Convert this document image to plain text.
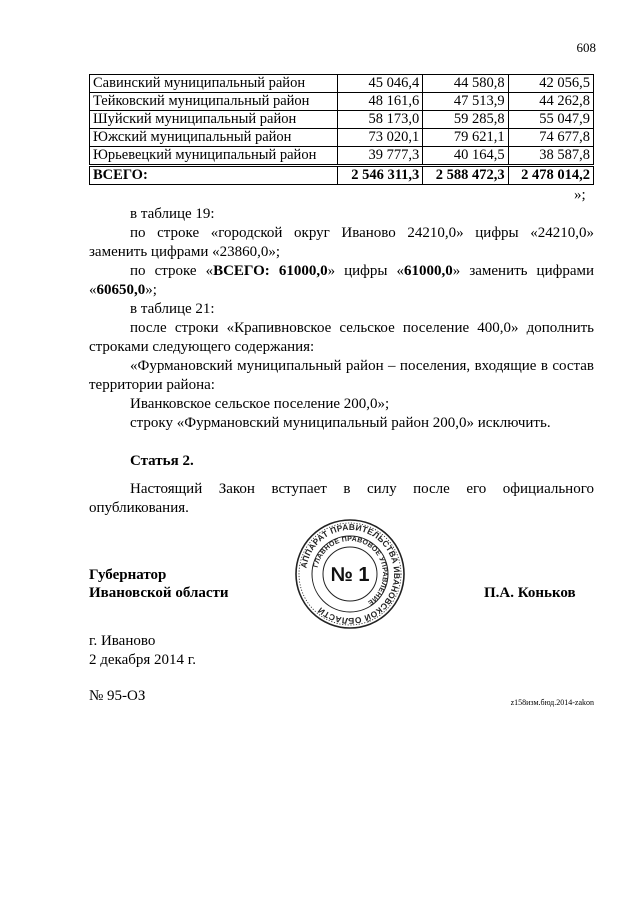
608
Савинский муниципальный район	45 046,4	44 580,8	42 056,5
Тейковский муниципальный район	48 161,6	47 513,9	44 262,8
Шуйский муниципальный район	58 173,0	59 285,8	55 047,9
Южский муниципальный район	73 020,1	79 621,1	74 677,8
Юрьевецкий муниципальный район	39 777,3	40 164,5	38 587,8
ВСЕГО:	2 546 311,3	2 588 472,3	2 478 014,2
»;
в таблице 19:
по строке «городской округ Иваново 24210,0» цифры «24210,0»
заменить цифрами «23860,0»;
по строке «ВСЕГО: 61000,0» цифры «61000,0» заменить цифрами
«60650,0»;
в таблице 21:
после строки «Крапивновское сельское поселение 400,0» дополнить
строками следующего содержания:
«Фурмановский муниципальный район – поселения, входящие в состав
территории района:
Иванковское сельское поселение 200,0»;
строку «Фурмановский муниципальный район 200,0» исключить.
Статья 2.
Настоящий Закон вступает в силу после его официального
опубликования.
Губернатор
Ивановской области	П.А. Коньков
АППАРАТ ПРАВИТЕЛЬСТВА ИВАНОВСКОЙ ОБЛАСТИ
ГЛАВНОЕ ПРАВОВОЕ УПРАВЛЕНИЕ
№ 1
г. Иваново
2 декабря 2014 г.
№ 95-ОЗ	z158изм.бюд.2014-zakon
